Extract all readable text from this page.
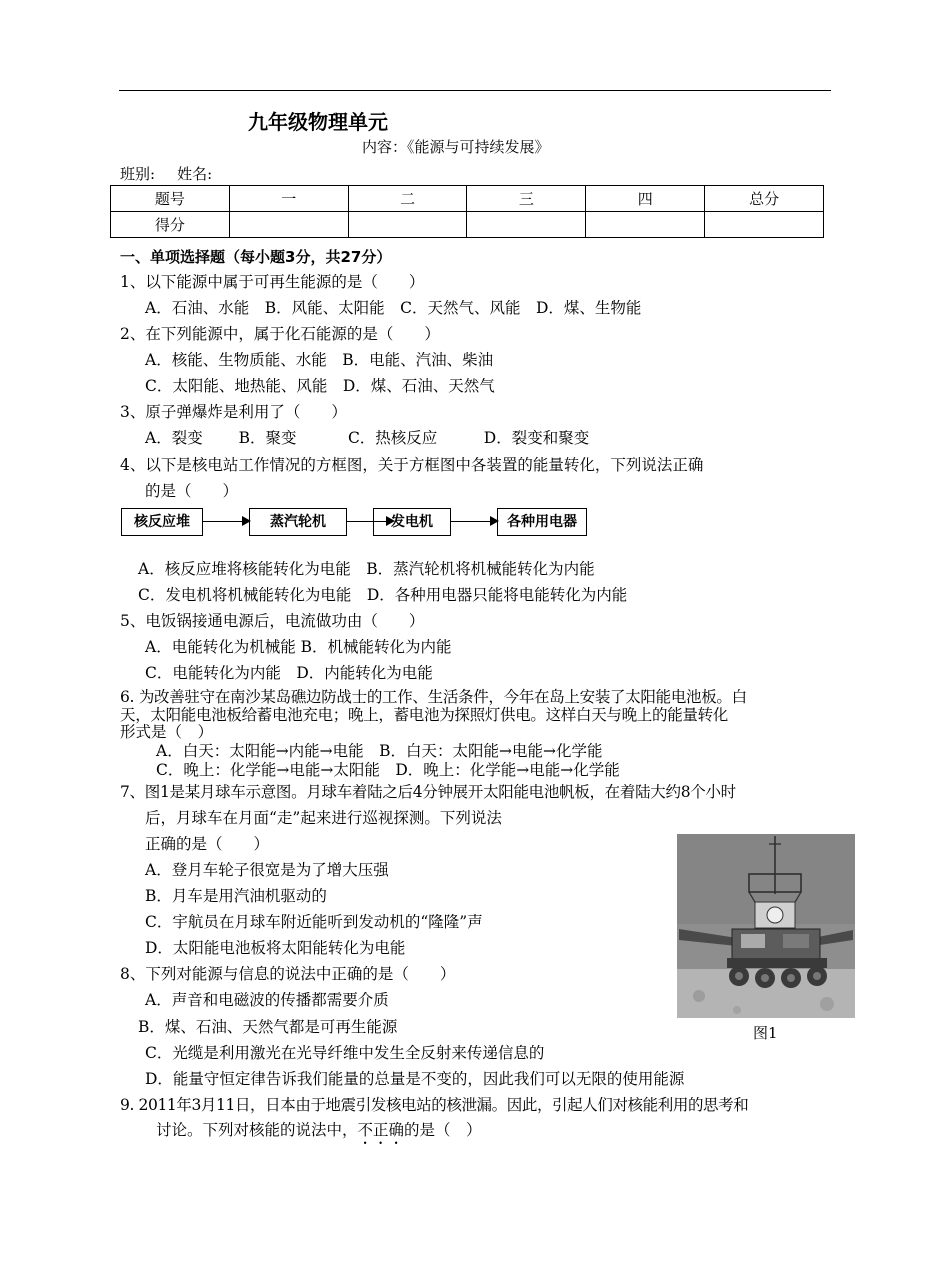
九年级物理单元
内容：《能源与可持续发展》
班别: 姓名:
题号	一	二	三	四	总分
得分					
一、单项选择题（每小题3分，共27分）
1、以下能源中属于可再生能源的是（　　）
A．石油、水能　B．风能、太阳能　C．天然气、风能　D．煤、生物能
2、在下列能源中，属于化石能源的是（　　）
A．核能、生物质能、水能　B．电能、汽油、柴油
C．太阳能、地热能、风能　D．煤、石油、天然气
3、原子弹爆炸是利用了（　　）
A．裂变　　 B．聚变　　　 C．热核反应　　　D．裂变和聚变
4、以下是核电站工作情况的方框图，关于方框图中各装置的能量转化，下列说法正确
的是（　　）
核反应堆	蒸汽轮机	发电机	各种用电器
A．核反应堆将核能转化为电能　B．蒸汽轮机将机械能转化为内能
C．发电机将机械能转化为电能　D．各种用电器只能将电能转化为内能
5、电饭锅接通电源后，电流做功由（　　）
A．电能转化为机械能 B．机械能转化为内能
C．电能转化为内能　D．内能转化为电能
6. 为改善驻守在南沙某岛礁边防战士的工作、生活条件，今年在岛上安装了太阳能电池板。白
天，太阳能电池板给蓄电池充电；晚上，蓄电池为探照灯供电。这样白天与晚上的能量转化
形式是（　）
A．白天：太阳能→内能→电能　B．白天：太阳能→电能→化学能
C．晚上：化学能→电能→太阳能　D．晚上：化学能→电能→化学能
7、图1是某月球车示意图。月球车着陆之后4分钟展开太阳能电池帆板，在着陆大约8个小时
后，月球车在月面“走”起来进行巡视探测。下列说法
正确的是（　　）
A．登月车轮子很宽是为了增大压强
B．月车是用汽油机驱动的
C．宇航员在月球车附近能听到发动机的“隆隆”声
D．太阳能电池板将太阳能转化为电能
图1
8、下列对能源与信息的说法中正确的是（　　）
A．声音和电磁波的传播都需要介质
B．煤、石油、天然气都是可再生能源
C．光缆是利用激光在光导纤维中发生全反射来传递信息的
D．能量守恒定律告诉我们能量的总量是不变的，因此我们可以无限的使用能源
9. 2011年3月11日，日本由于地震引发核电站的核泄漏。因此，引起人们对核能利用的思考和
讨论。下列对核能的说法中，不正确的是（　）
